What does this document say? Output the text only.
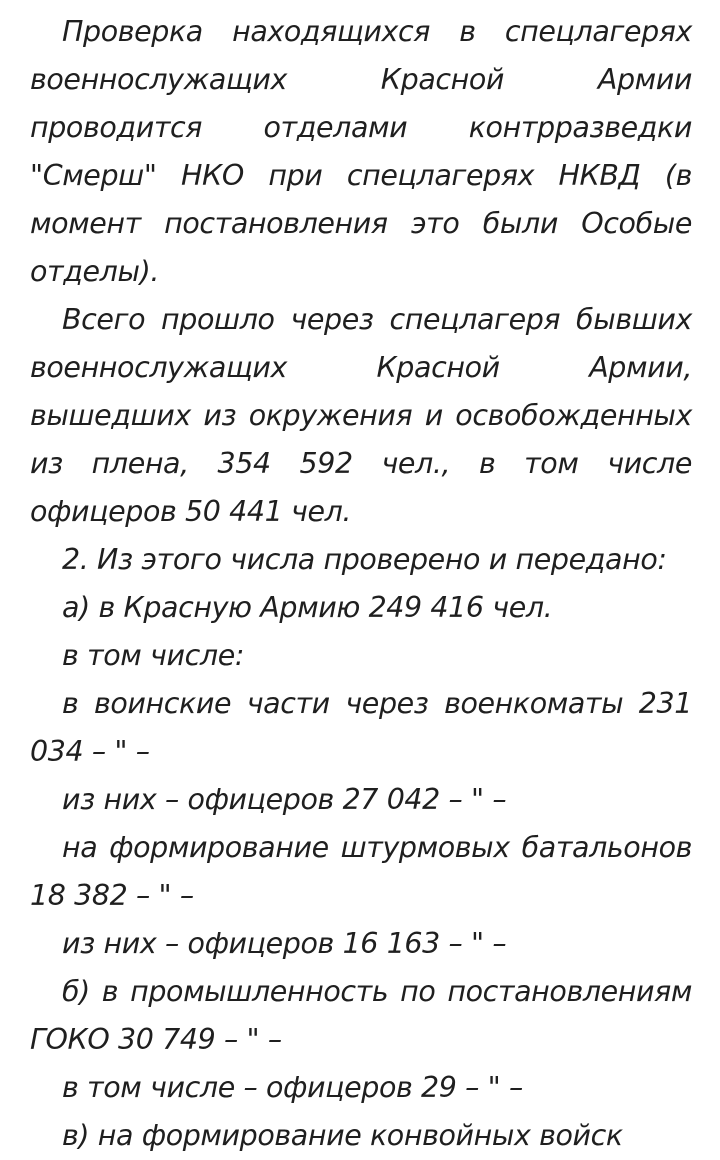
Проверка находящихся в спецлагерях военнослужащих Красной Армии проводится отделами контрразведки "Смерш" НКО при спецлагерях НКВД (в момент постановления это были Особые отделы).

Всего прошло через спецлагеря бывших военнослужащих Красной Армии, вышедших из окружения и освобожденных из плена, 354 592 чел., в том числе офицеров 50 441 чел.

2. Из этого числа проверено и передано:

а) в Красную Армию 249 416 чел.

в том числе:

в воинские части через военкоматы 231 034 – " –

из них – офицеров 27 042 – " –

на формирование штурмовых батальонов 18 382 – " –

из них – офицеров 16 163 – " –

б) в промышленность по постановлениям ГОКО 30 749 – " –

в том числе – офицеров 29 – " –

в) на формирование конвойных войск
